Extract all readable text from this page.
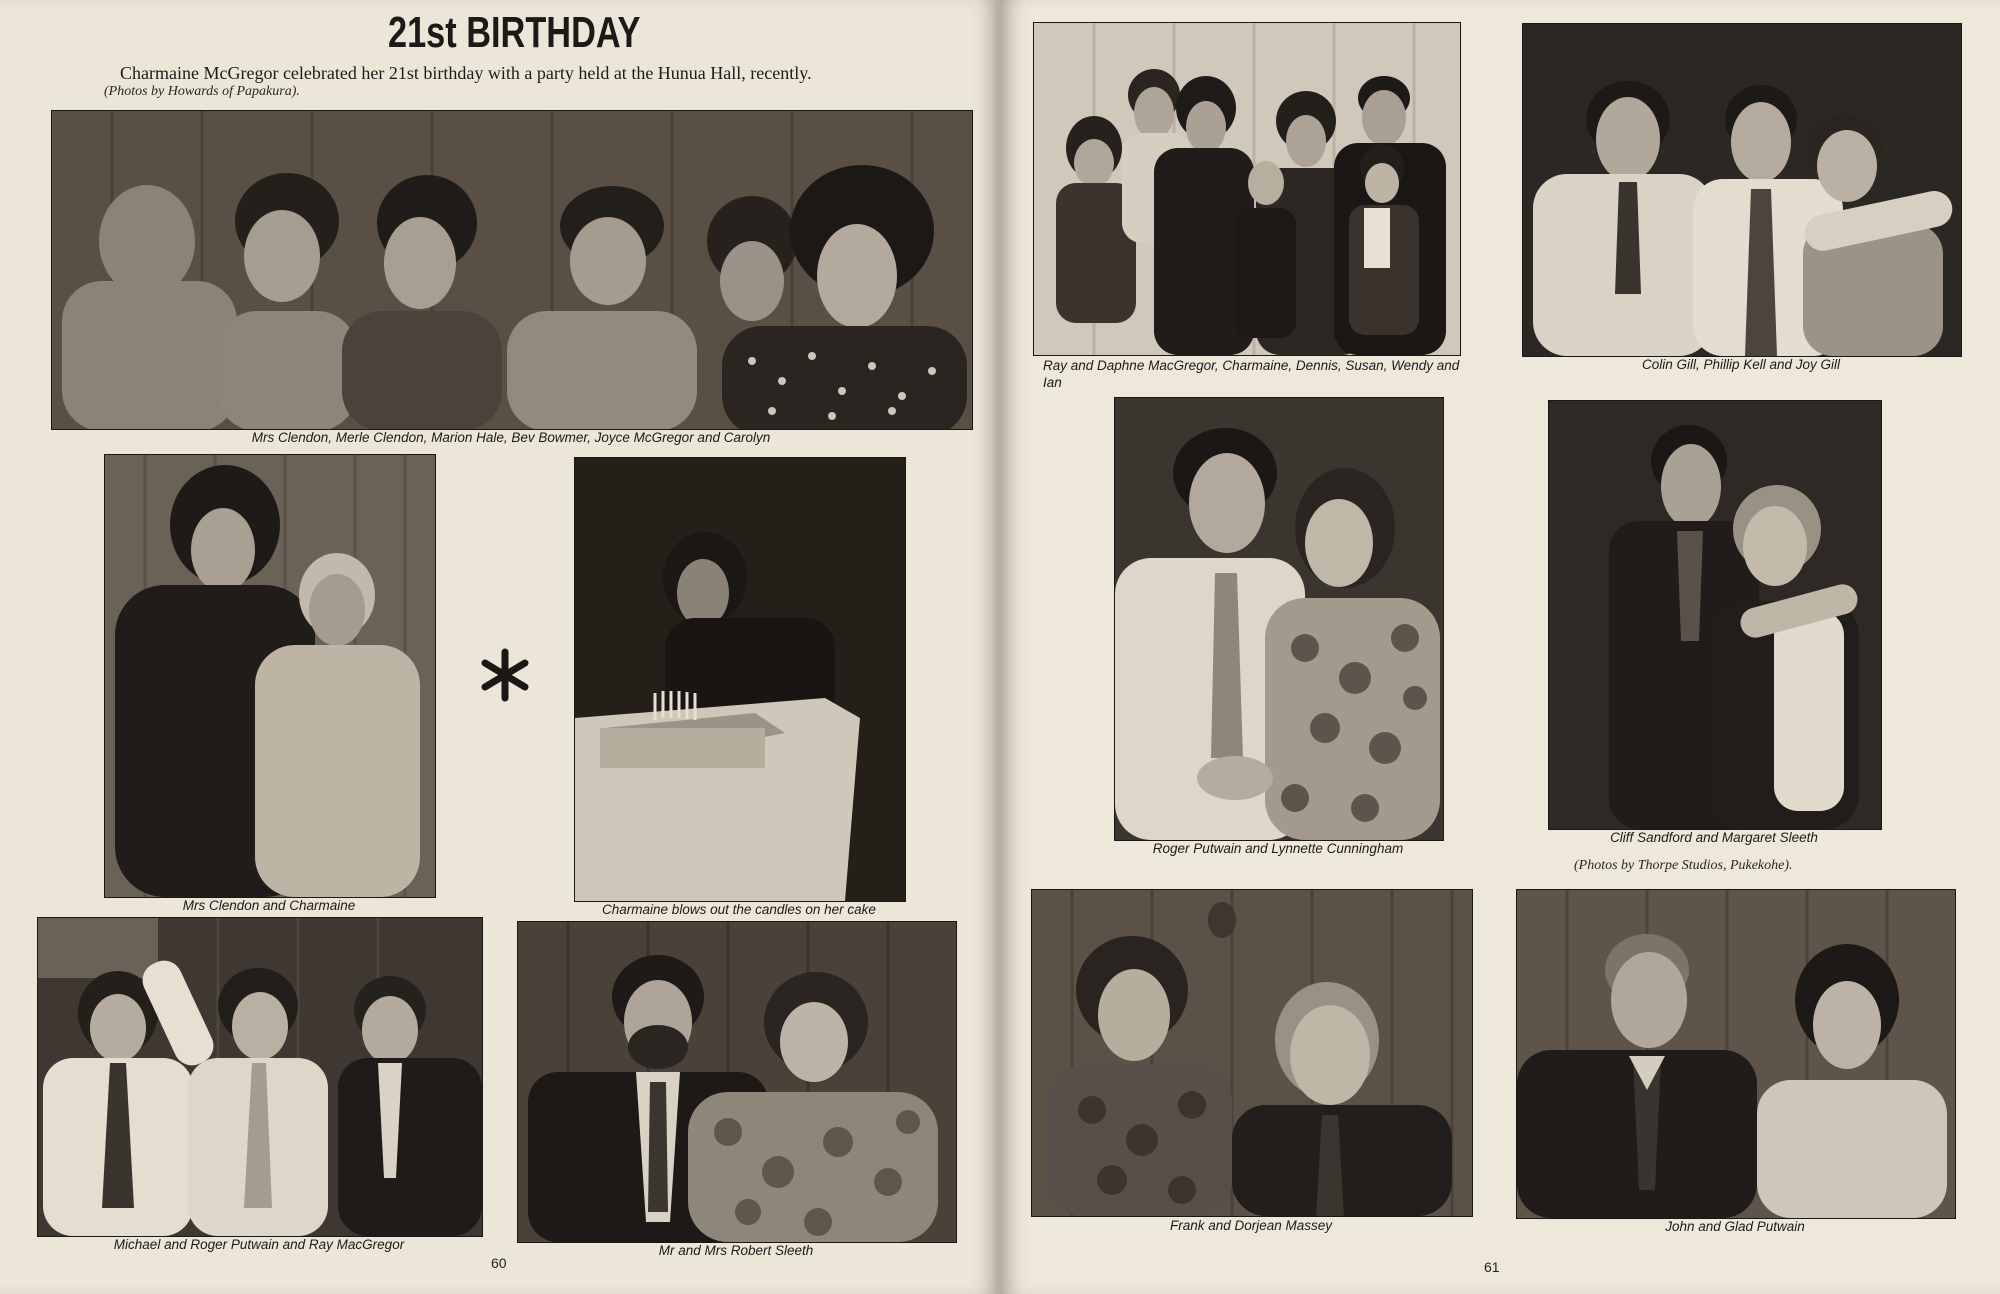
21st BIRTHDAY
Charmaine McGregor celebrated her 21st birthday with a party held at the Hunua Hall, recently.
(Photos by Howards of Papakura).
Mrs Clendon, Merle Clendon, Marion Hale, Bev Bowmer, Joyce McGregor and Carolyn
Mrs Clendon and Charmaine	Charmaine blows out the candles on her cake
Michael and Roger Putwain and Ray MacGregor	Mr and Mrs Robert Sleeth
60
Ray and Daphne MacGregor, Charmaine, Dennis, Susan, Wendy and Ian
Colin Gill, Phillip Kell and Joy Gill
Roger Putwain and Lynnette Cunningham
Cliff Sandford and Margaret Sleeth
(Photos by Thorpe Studios, Pukekohe).
Frank and Dorjean Massey	John and Glad Putwain
61
